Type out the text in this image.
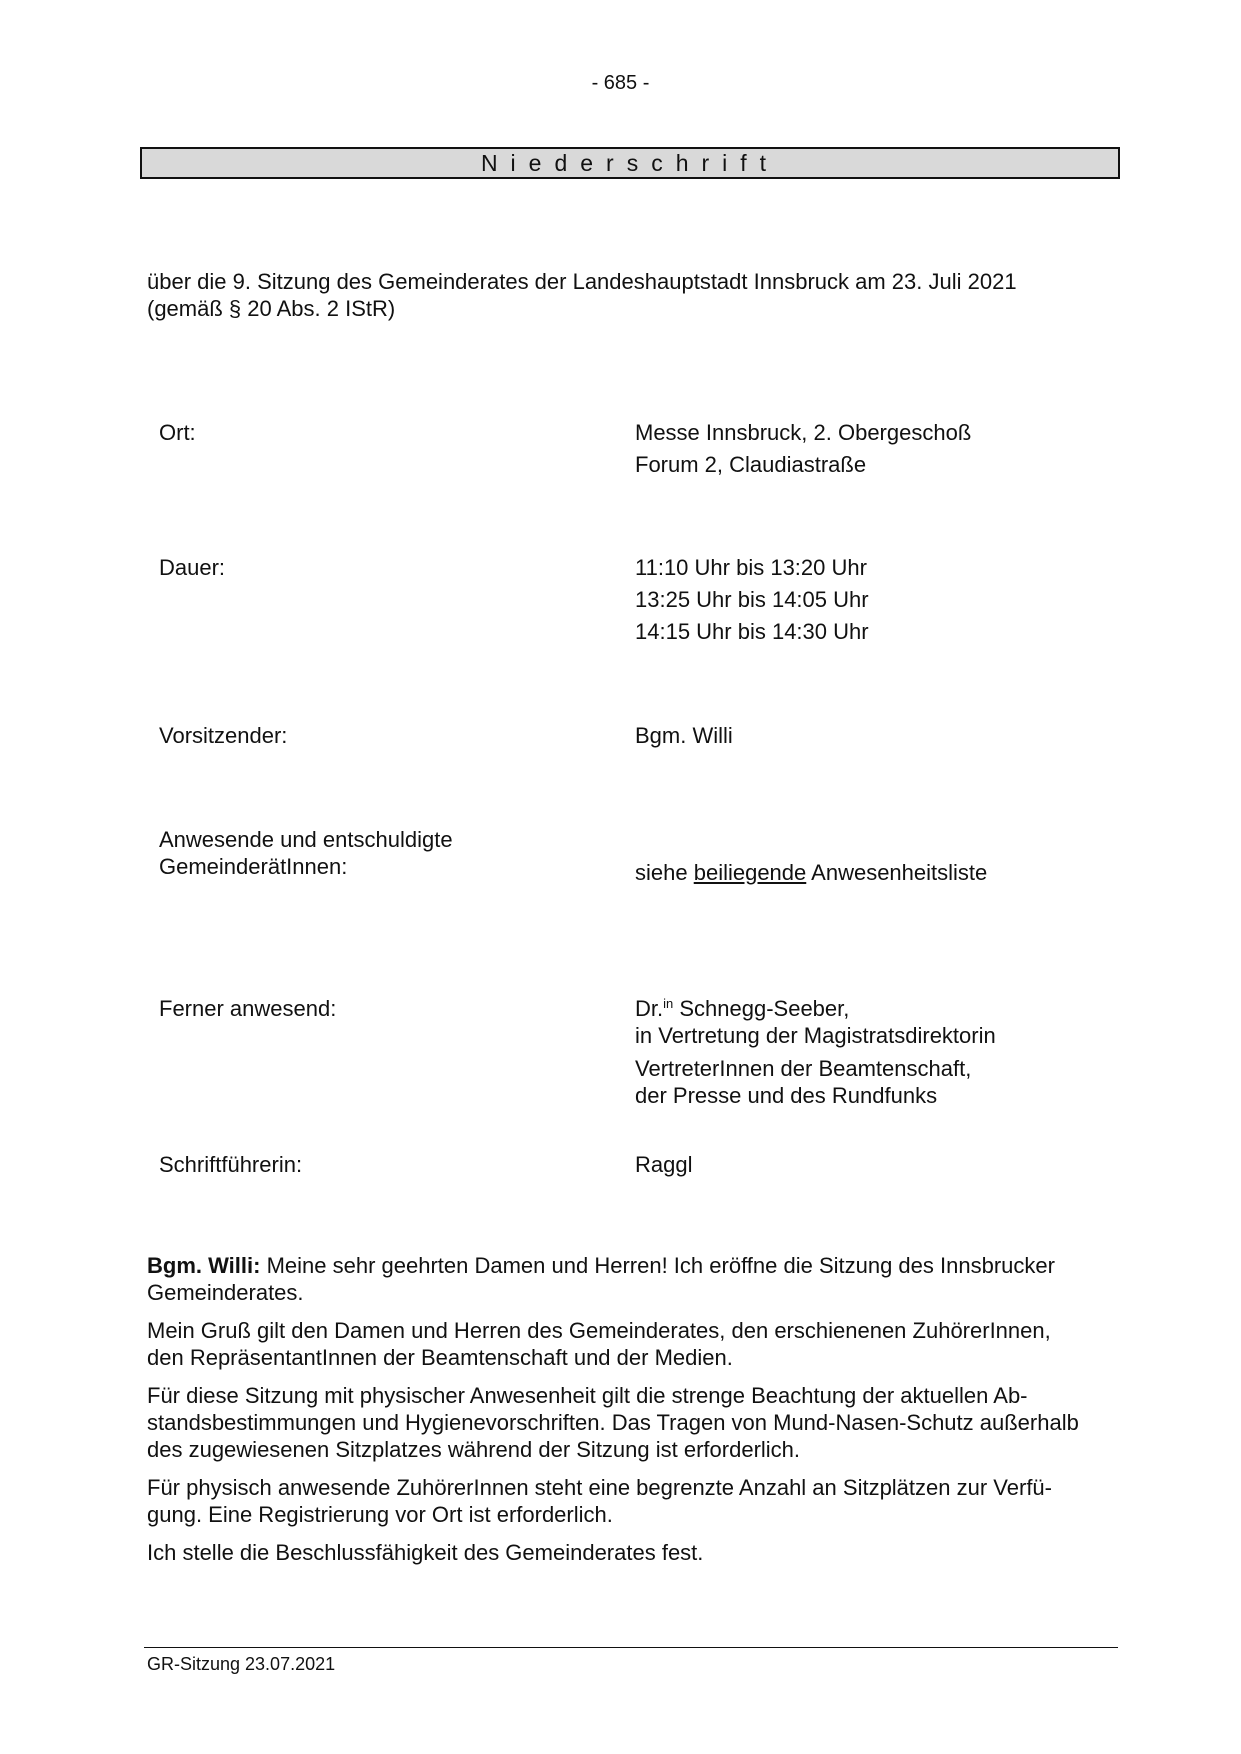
- 685 -
Niederschrift
über die 9. Sitzung des Gemeinderates der Landeshauptstadt Innsbruck am 23. Juli 2021
(gemäß § 20 Abs. 2 IStR)
Ort:	Messe Innsbruck, 2. Obergeschoß
Forum 2, Claudiastraße
Dauer:	11:10 Uhr bis 13:20 Uhr
13:25 Uhr bis 14:05 Uhr
14:15 Uhr bis 14:30 Uhr
Vorsitzender:	Bgm. Willi
Anwesende und entschuldigte
GemeinderätInnen:	siehe beiliegende Anwesenheitsliste
Ferner anwesend:	Dr.$^{in}$ Schnegg-Seeber,
in Vertretung der Magistratsdirektorin
VertreterInnen der Beamtenschaft,
der Presse und des Rundfunks
Schriftführerin:	Raggl

Bgm. Willi: Meine sehr geehrten Damen und Herren! Ich eröffne die Sitzung des Innsbrucker
Gemeinderates.

Mein Gruß gilt den Damen und Herren des Gemeinderates, den erschienenen ZuhörerInnen,
den RepräsentantInnen der Beamtenschaft und der Medien.

Für diese Sitzung mit physischer Anwesenheit gilt die strenge Beachtung der aktuellen Ab-
standsbestimmungen und Hygienevorschriften. Das Tragen von Mund-Nasen-Schutz außerhalb
des zugewiesenen Sitzplatzes während der Sitzung ist erforderlich.

Für physisch anwesende ZuhörerInnen steht eine begrenzte Anzahl an Sitzplätzen zur Verfü-
gung. Eine Registrierung vor Ort ist erforderlich.

Ich stelle die Beschlussfähigkeit des Gemeinderates fest.

GR-Sitzung 23.07.2021
